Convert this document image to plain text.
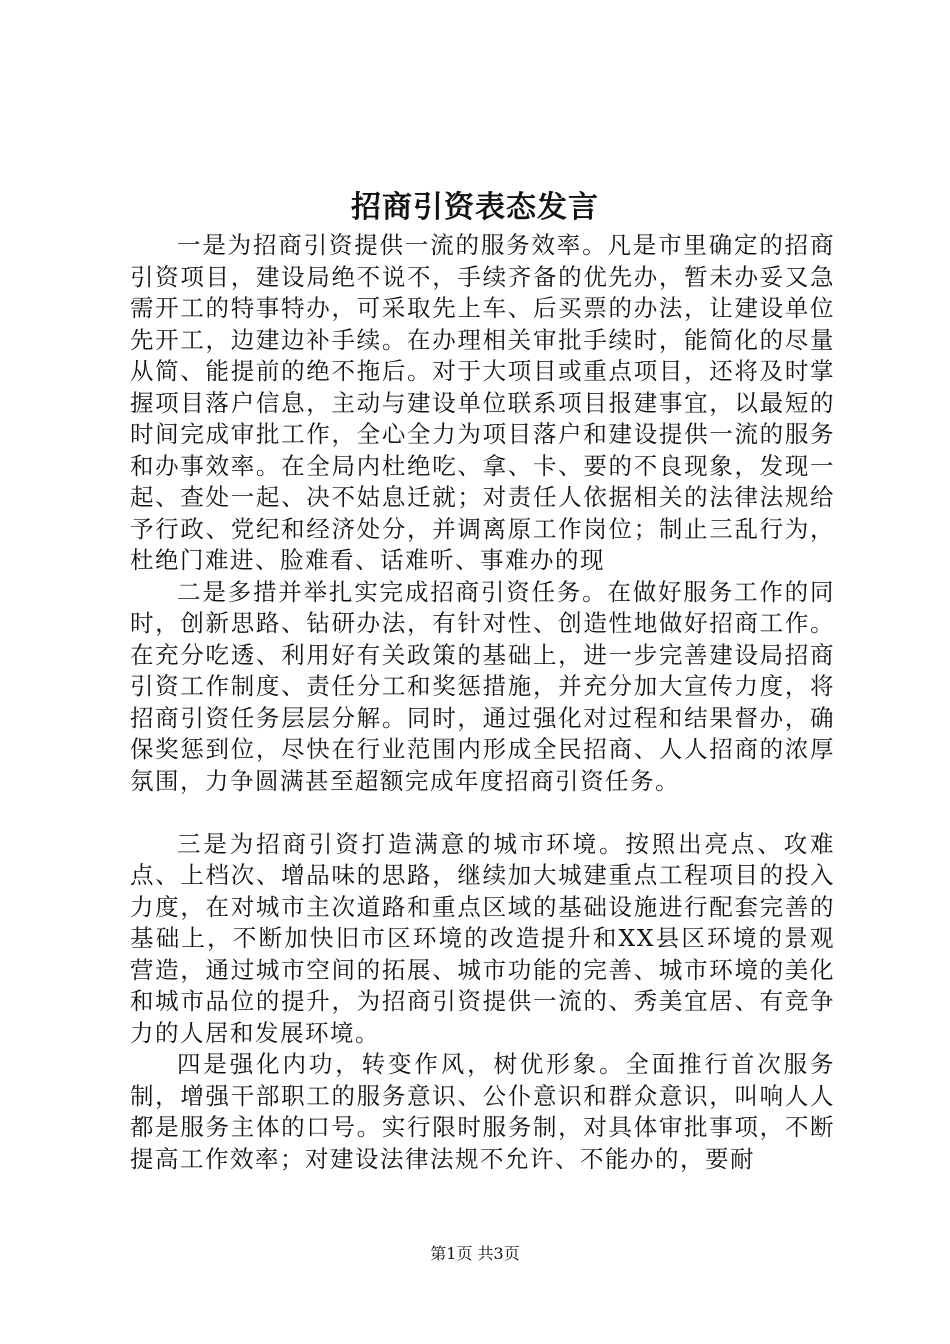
招商引资表态发言

一是为招商引资提供一流的服务效率。凡是市里确定的招商引资项目，建设局绝不说不，手续齐备的优先办，暂未办妥又急需开工的特事特办，可采取先上车、后买票的办法，让建设单位先开工，边建边补手续。在办理相关审批手续时，能简化的尽量从简、能提前的绝不拖后。对于大项目或重点项目，还将及时掌握项目落户信息，主动与建设单位联系项目报建事宜，以最短的时间完成审批工作，全心全力为项目落户和建设提供一流的服务和办事效率。在全局内杜绝吃、拿、卡、要的不良现象，发现一起、查处一起、决不姑息迁就；对责任人依据相关的法律法规给予行政、党纪和经济处分，并调离原工作岗位；制止三乱行为，杜绝门难进、脸难看、话难听、事难办的现

二是多措并举扎实完成招商引资任务。在做好服务工作的同时，创新思路、钻研办法，有针对性、创造性地做好招商工作。在充分吃透、利用好有关政策的基础上，进一步完善建设局招商引资工作制度、责任分工和奖惩措施，并充分加大宣传力度，将招商引资任务层层分解。同时，通过强化对过程和结果督办，确保奖惩到位，尽快在行业范围内形成全民招商、人人招商的浓厚氛围，力争圆满甚至超额完成年度招商引资任务。

三是为招商引资打造满意的城市环境。按照出亮点、攻难点、上档次、增品味的思路，继续加大城建重点工程项目的投入力度，在对城市主次道路和重点区域的基础设施进行配套完善的基础上，不断加快旧市区环境的改造提升和XX县区环境的景观营造，通过城市空间的拓展、城市功能的完善、城市环境的美化和城市品位的提升，为招商引资提供一流的、秀美宜居、有竞争力的人居和发展环境。

四是强化内功，转变作风，树优形象。全面推行首次服务制，增强干部职工的服务意识、公仆意识和群众意识，叫响人人都是服务主体的口号。实行限时服务制，对具体审批事项，不断提高工作效率；对建设法律法规不允许、不能办的，要耐

第1页 共3页
